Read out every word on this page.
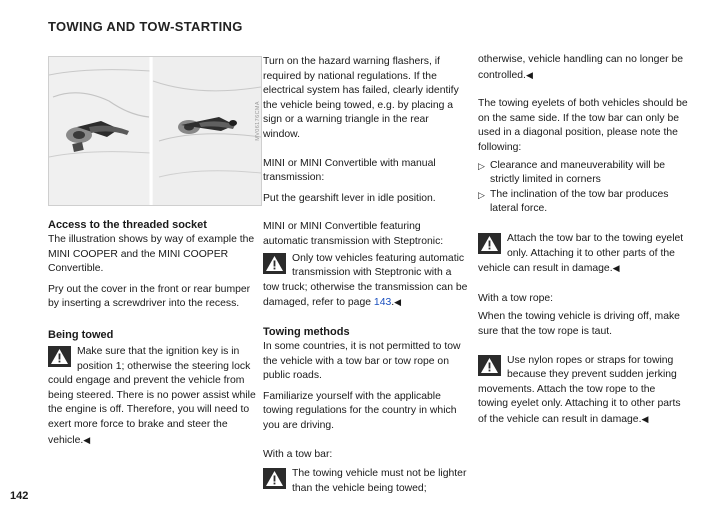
TOWING AND TOW-STARTING
MV06176CMA
Access to the threaded socket

The illustration shows by way of example the MINI COOPER and the MINI COOPER Convertible.

Pry out the cover in the front or rear bumper by inserting a screwdriver into the recess.

Being towed
Make sure that the ignition key is in position 1; otherwise the steering lock could engage and prevent the vehicle from being steered. There is no power assist while the engine is off. Therefore, you will need to exert more force to brake and steer the vehicle.◀

Turn on the hazard warning flashers, if required by national regulations. If the electrical system has failed, clearly identify the vehicle being towed, e.g. by placing a sign or a warning triangle in the rear window.

MINI or MINI Convertible with manual transmission:

Put the gearshift lever in idle position.

MINI or MINI Convertible featuring automatic transmission with Steptronic:

Only tow vehicles featuring automatic transmission with Steptronic with a tow truck; otherwise the transmission can be damaged, refer to page 143.◀
Towing methods

In some countries, it is not permitted to tow the vehicle with a tow bar or tow rope on public roads.

Familiarize yourself with the applicable towing regulations for the country in which you are driving.

With a tow bar:

The towing vehicle must not be lighter than the vehicle being towed;

otherwise, vehicle handling can no longer be controlled.◀

The towing eyelets of both vehicles should be on the same side. If the tow bar can only be used in a diagonal position, please note the following:

▷ Clearance and maneuverability will be strictly limited in corners
▷ The inclination of the tow bar produces lateral force.
Attach the tow bar to the towing eyelet only. Attaching it to other parts of the vehicle can result in damage.◀

With a tow rope:

When the towing vehicle is driving off, make sure that the tow rope is taut.

Use nylon ropes or straps for towing because they prevent sudden jerking movements. Attach the tow rope to the towing eyelet only. Attaching it to other parts of the vehicle can result in damage.◀
142
